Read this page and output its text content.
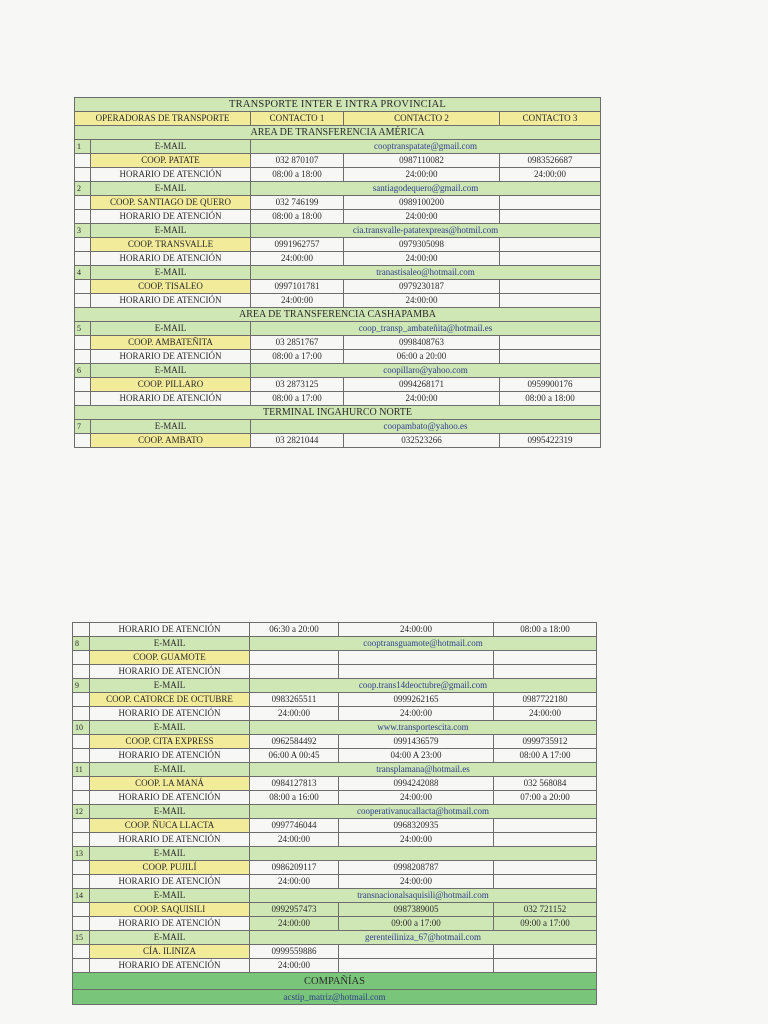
TRANSPORTE INTER E INTRA PROVINCIAL				
OPERADORAS DE TRANSPORTE		CONTACTO 1	CONTACTO 2	CONTACTO 3
AREA DE TRANSFERENCIA AMÉRICA				
1	E-MAIL	cooptranspatate@gmail.com		
	COOP. PATATE	032 870107	0987110082	0983526687
	HORARIO DE ATENCIÓN	08:00 a 18:00	24:00:00	24:00:00
2	E-MAIL	santiagodequero@gmail.com		
	COOP. SANTIAGO DE QUERO	032 746199	0989100200	
	HORARIO DE ATENCIÓN	08:00 a 18:00	24:00:00	
3	E-MAIL	cia.transvalle-patatexpreas@hotmil.com		
	COOP. TRANSVALLE	0991962757	0979305098	
	HORARIO DE ATENCIÓN	24:00:00	24:00:00	
4	E-MAIL	tranastisaleo@hotmail.com		
	COOP. TISALEO	0997101781	0979230187	
	HORARIO DE ATENCIÓN	24:00:00	24:00:00	
AREA DE TRANSFERENCIA CASHAPAMBA				
5	E-MAIL	coop_transp_ambateñita@hotmail.es		
	COOP. AMBATEÑITA	03 2851767	0998408763	
	HORARIO DE ATENCIÓN	08:00 a 17:00	06:00 a 20:00	
6	E-MAIL	coopillaro@yahoo.com		
	COOP. PILLARO	03 2873125	0994268171	0959900176
	HORARIO DE ATENCIÓN	08:00 a 17:00	24:00:00	08:00 a 18:00
TERMINAL INGAHURCO NORTE				
7	E-MAIL	coopambato@yahoo.es		
	COOP. AMBATO	03 2821044	032523266	0995422319
	HORARIO DE ATENCIÓN	06:30 a 20:00	24:00:00	08:00 a 18:00
8	E-MAIL	cooptransguamote@hotmail.com		
	COOP. GUAMOTE			
	HORARIO DE ATENCIÓN			
9	E-MAIL	coop.trans14deoctubre@gmail.com		
	COOP. CATORCE DE OCTUBRE	0983265511	0999262165	0987722180
	HORARIO DE ATENCIÓN	24:00:00	24:00:00	24:00:00
10	E-MAIL	www.transportescita.com		
	COOP. CITA EXPRESS	0962584492	0991436579	0999735912
	HORARIO DE ATENCIÓN	06:00 A 00:45	04:00 A 23:00	08:00 A 17:00
11	E-MAIL	transplamana@hotmail.es		
	COOP. LA MANÁ	0984127813	0994242088	032 568084
	HORARIO DE ATENCIÓN	08:00 a 16:00	24:00:00	07:00 a 20:00
12	E-MAIL	cooperativanucallacta@hotmail.com		
	COOP. ÑUCA LLACTA	0997746044	0968320935	
	HORARIO DE ATENCIÓN	24:00:00	24:00:00	
13	E-MAIL			
	COOP. PUJILÍ	0986209117	0998208787	
	HORARIO DE ATENCIÓN	24:00:00	24:00:00	
14	E-MAIL	transnacionalsaquisili@hotmail.com		
	COOP. SAQUISILI	0992957473	0987389005	032 721152
	HORARIO DE ATENCIÓN	24:00:00	09:00 a 17:00	09:00 a 17:00
15	E-MAIL	gerenteiliniza_67@hotmail.com		
	CÍA. ILINIZA	0999559886		
	HORARIO DE ATENCIÓN	24:00:00		
COMPAÑÍAS				
acstip_matriz@hotmail.com				
